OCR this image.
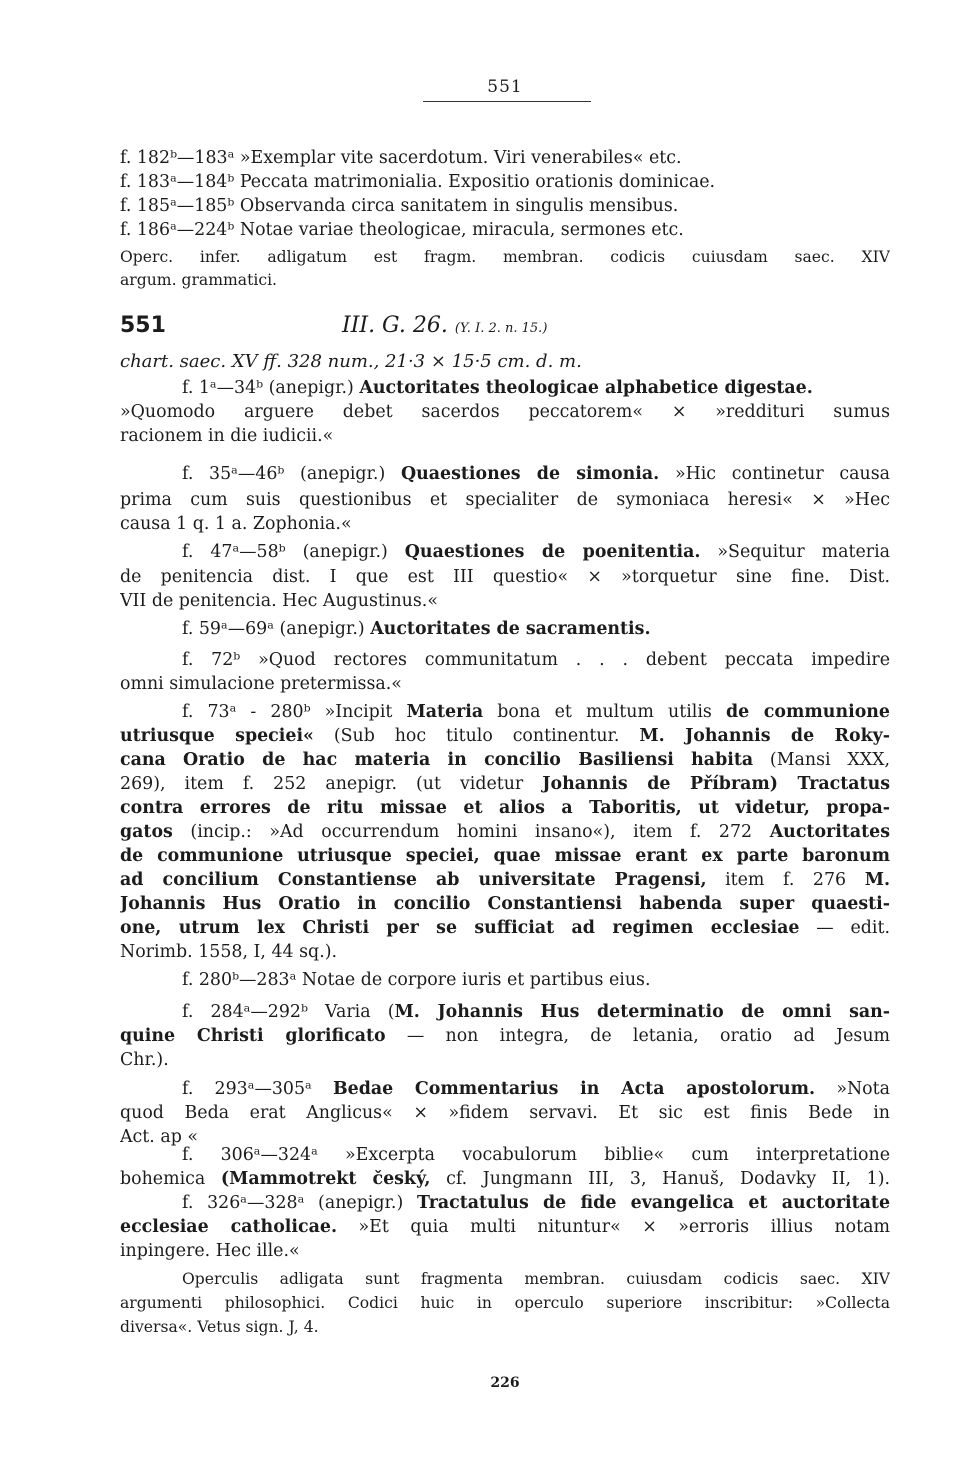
551
f. 182ᵇ—183ᵃ »Exemplar vite sacerdotum. Viri venerabiles« etc.
f. 183ᵃ—184ᵇ Peccata matrimonialia. Expositio orationis dominicae.
f. 185ᵃ—185ᵇ Observanda circa sanitatem in singulis mensibus.
f. 186ᵃ—224ᵇ Notae variae theologicae, miracula, sermones etc.
Operc. infer. adligatum est fragm. membran. codicis cuiusdam saec. XIV
argum. grammatici.
551	III. G. 26. (Y. I. 2. n. 15.)
chart. saec. XV ff. 328 num., 21·3 × 15·5 cm. d. m.
f. 1ᵃ—34ᵇ (anepigr.) Auctoritates theologicae alphabetice digestae.
»Quomodo arguere debet sacerdos peccatorem« × »reddituri sumus
racionem in die iudicii.«
f. 35ᵃ—46ᵇ (anepigr.) Quaestiones de simonia. »Hic continetur causa
prima cum suis questionibus et specialiter de symoniaca heresi« × »Hec
causa 1 q. 1 a. Zophonia.«
f. 47ᵃ—58ᵇ (anepigr.) Quaestiones de poenitentia. »Sequitur materia
de penitencia dist. I que est III questio« × »torquetur sine fine. Dist.
VII de penitencia. Hec Augustinus.«
f. 59ᵃ—69ᵃ (anepigr.) Auctoritates de sacramentis.
f. 72ᵇ »Quod rectores communitatum . . . debent peccata impedire
omni simulacione pretermissa.«
f. 73ᵃ - 280ᵇ »Incipit Materia bona et multum utilis de communione
utriusque speciei« (Sub hoc titulo continentur. M. Johannis de Roky-
cana Oratio de hac materia in concilio Basiliensi habita (Mansi XXX,
269), item f. 252 anepigr. (ut videtur Johannis de Příbram) Tractatus
contra errores de ritu missae et alios a Taboritis, ut videtur, propa-
gatos (incip.: »Ad occurrendum homini insano«), item f. 272 Auctoritates
de communione utriusque speciei, quae missae erant ex parte baronum
ad concilium Constantiense ab universitate Pragensi, item f. 276 M.
Johannis Hus Oratio in concilio Constantiensi habenda super quaesti-
one, utrum lex Christi per se sufficiat ad regimen ecclesiae — edit.
Norimb. 1558, I, 44 sq.).
f. 280ᵇ—283ᵃ Notae de corpore iuris et partibus eius.
f. 284ᵃ—292ᵇ Varia (M. Johannis Hus determinatio de omni san-
quine Christi glorificato — non integra, de letania, oratio ad Jesum
Chr.).
f. 293ᵃ—305ᵃ Bedae Commentarius in Acta apostolorum. »Nota
quod Beda erat Anglicus« × »fidem servavi. Et sic est finis Bede in
Act. ap «
f. 306ᵃ—324ᵃ »Excerpta vocabulorum biblie« cum interpretatione
bohemica (Mammotrekt český, cf. Jungmann III, 3, Hanuš, Dodavky II, 1).
f. 326ᵃ—328ᵃ (anepigr.) Tractatulus de fide evangelica et auctoritate
ecclesiae catholicae. »Et quia multi nituntur« × »erroris illius notam
inpingere. Hec ille.«
Operculis adligata sunt fragmenta membran. cuiusdam codicis saec. XIV
argumenti philosophici. Codici huic in operculo superiore inscribitur: »Collecta
diversa«. Vetus sign. J, 4.
226
